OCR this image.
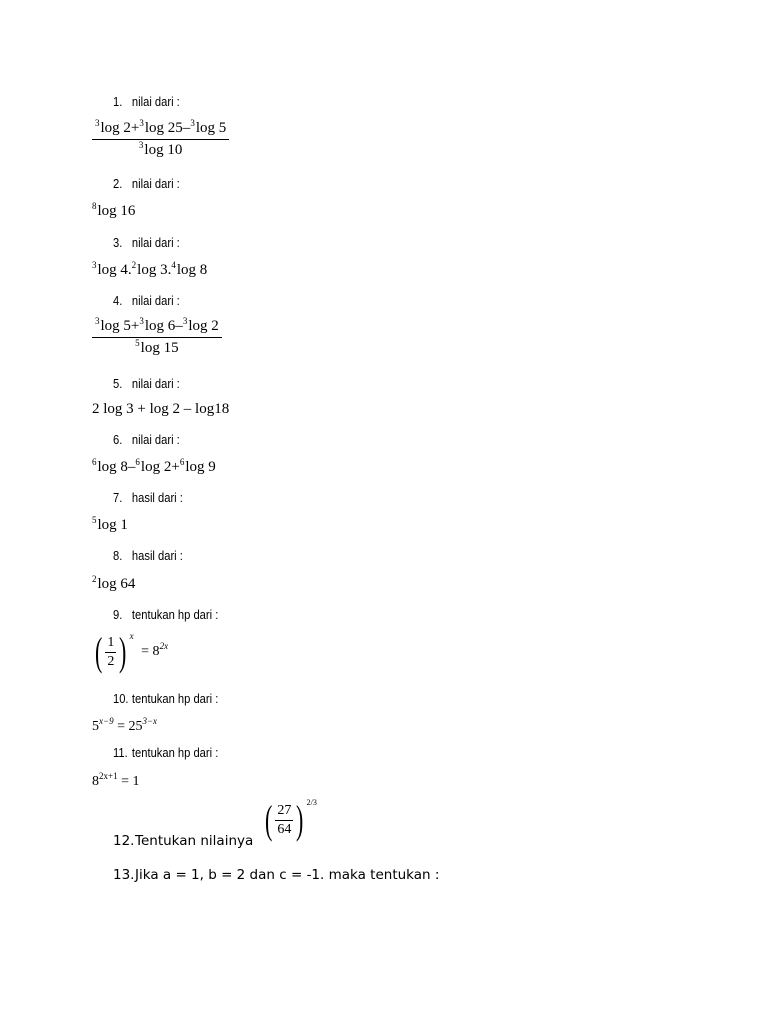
1. nilai dari :
$\frac{^3\log 2+^3\log 25-^3\log 5}{^3\log 10}$
2. nilai dari :
$^8$log 16
3. nilai dari :
$^3$log 4.$^2$log 3.$^4$log 8
4. nilai dari :
$\frac{^3\log 5+^3\log 6-^3\log 2}{^5\log 15}$
5. nilai dari :
2 log 3 + log 2 – log18
6. nilai dari :
$^6$log 8–$^6$log 2+$^6$log 9
7. hasil dari :
$^5$log 1
8. hasil dari :
$^2$log 64
9. tentukan hp dari :
( 1
2 ) $^x = 8^{2x}$
10. tentukan hp dari :
$5^{x-9} = 25^{3-x}$
11. tentukan hp dari :
$8^{2x+1} = 1$
12.Tentukan nilainya ( 27
64 ) $^{2/3}$
13.Jika a = 1, b = 2 dan c = -1. maka tentukan :
